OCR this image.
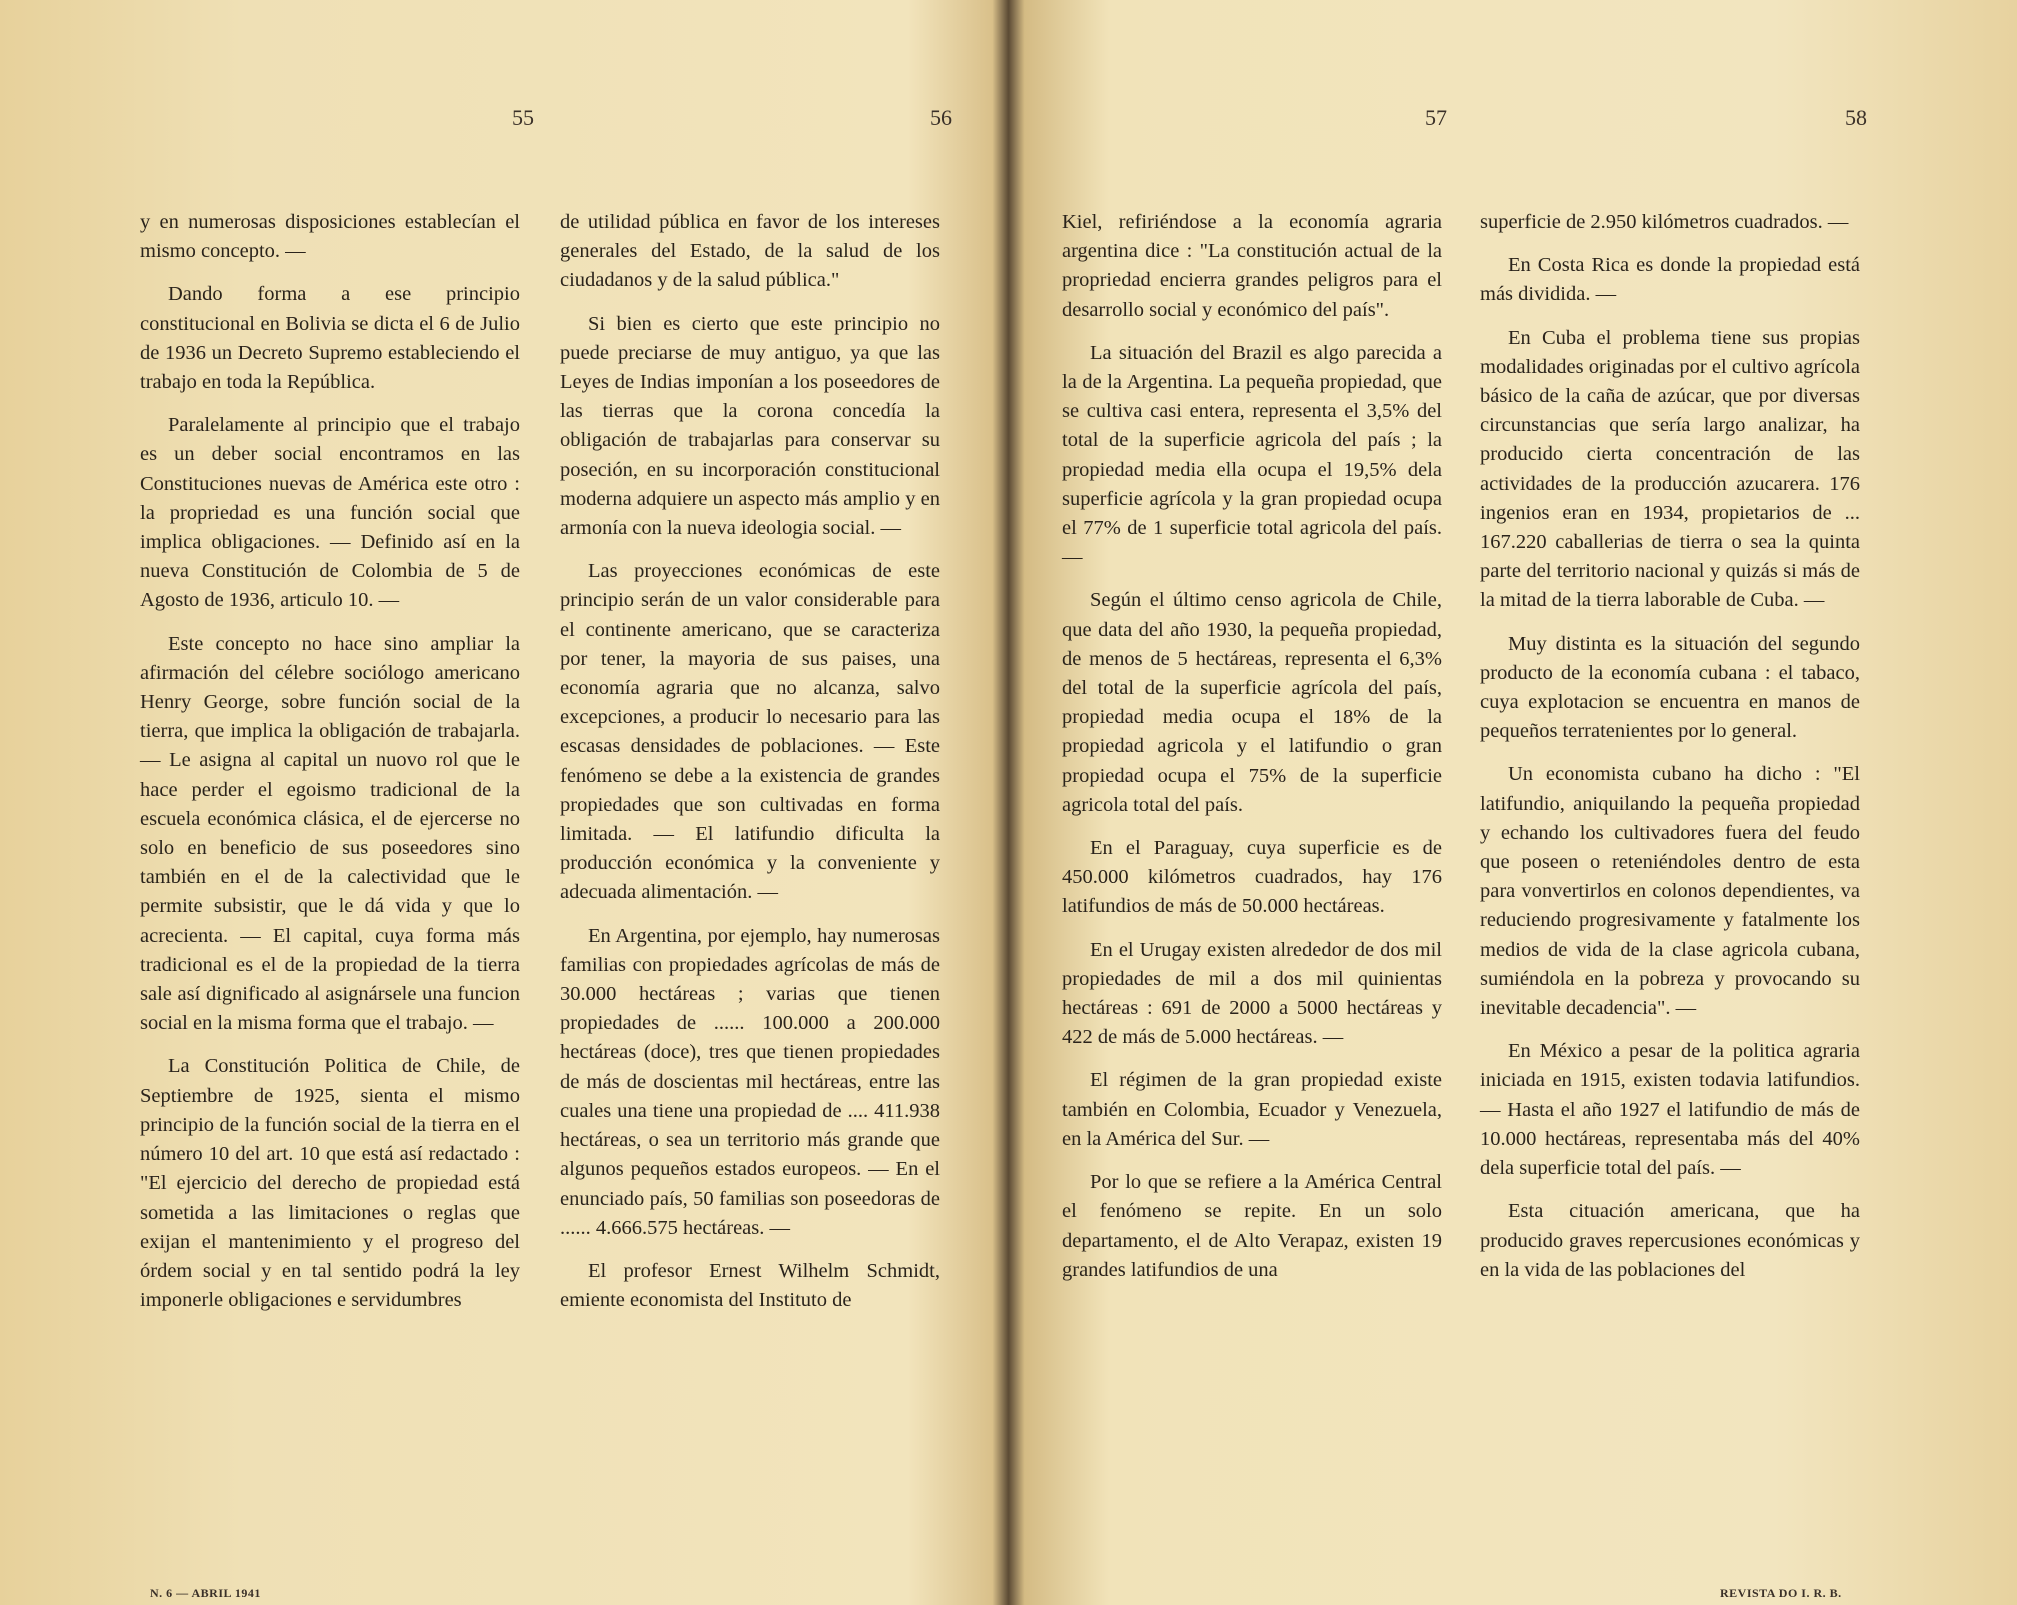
55	56	57	58

y en numerosas disposiciones establecían el mismo concepto. —

Dando forma a ese principio constitucional en Bolivia se dicta el 6 de Julio de 1936 un Decreto Supremo estableciendo el trabajo en toda la República.

Paralelamente al principio que el trabajo es un deber social encontramos en las Constituciones nuevas de América este otro : la propriedad es una función social que implica obligaciones. — Definido así en la nueva Constitución de Colombia de 5 de Agosto de 1936, articulo 10. —

Este concepto no hace sino ampliar la afirmación del célebre sociólogo americano Henry George, sobre función social de la tierra, que implica la obligación de trabajarla. — Le asigna al capital un nuovo rol que le hace perder el egoismo tradicional de la escuela económica clásica, el de ejercerse no solo en beneficio de sus poseedores sino también en el de la calectividad que le permite subsistir, que le dá vida y que lo acrecienta. — El capital, cuya forma más tradicional es el de la propiedad de la tierra sale así dignificado al asignársele una funcion social en la misma forma que el trabajo. —

La Constitución Politica de Chile, de Septiembre de 1925, sienta el mismo principio de la función social de la tierra en el número 10 del art. 10 que está así redactado : "El ejercicio del derecho de propiedad está sometida a las limitaciones o reglas que exijan el mantenimiento y el progreso del órdem social y en tal sentido podrá la ley imponerle obligaciones e servidumbres

de utilidad pública en favor de los intereses generales del Estado, de la salud de los ciudadanos y de la salud pública."

Si bien es cierto que este principio no puede preciarse de muy antiguo, ya que las Leyes de Indias imponían a los poseedores de las tierras que la corona concedía la obligación de trabajarlas para conservar su poseción, en su incorporación constitucional moderna adquiere un aspecto más amplio y en armonía con la nueva ideologia social. —

Las proyecciones económicas de este principio serán de un valor considerable para el continente americano, que se caracteriza por tener, la mayoria de sus paises, una economía agraria que no alcanza, salvo excepciones, a producir lo necesario para las escasas densidades de poblaciones. — Este fenómeno se debe a la existencia de grandes propiedades que son cultivadas en forma limitada. — El latifundio dificulta la producción económica y la conveniente y adecuada alimentación. —

En Argentina, por ejemplo, hay numerosas familias con propiedades agrícolas de más de 30.000 hectáreas ; varias que tienen propiedades de ...... 100.000 a 200.000 hectáreas (doce), tres que tienen propiedades de más de doscientas mil hectáreas, entre las cuales una tiene una propiedad de .... 411.938 hectáreas, o sea un territorio más grande que algunos pequeños estados europeos. — En el enunciado país, 50 familias son poseedoras de ...... 4.666.575 hectáreas. —

El profesor Ernest Wilhelm Schmidt, emiente economista del Instituto de

Kiel, refiriéndose a la economía agraria argentina dice : "La constitución actual de la propriedad encierra grandes peligros para el desarrollo social y económico del país".

La situación del Brazil es algo parecida a la de la Argentina. La pequeña propiedad, que se cultiva casi entera, representa el 3,5% del total de la superficie agricola del país ; la propiedad media ella ocupa el 19,5% dela superficie agrícola y la gran propiedad ocupa el 77% de 1 superficie total agricola del país. —

Según el último censo agricola de Chile, que data del año 1930, la pequeña propiedad, de menos de 5 hectáreas, representa el 6,3% del total de la superficie agrícola del país, propiedad media ocupa el 18% de la propiedad agricola y el latifundio o gran propiedad ocupa el 75% de la superficie agricola total del país.

En el Paraguay, cuya superficie es de 450.000 kilómetros cuadrados, hay 176 latifundios de más de 50.000 hectáreas.

En el Urugay existen alrededor de dos mil propiedades de mil a dos mil quinientas hectáreas : 691 de 2000 a 5000 hectáreas y 422 de más de 5.000 hectáreas. —

El régimen de la gran propiedad existe también en Colombia, Ecuador y Venezuela, en la América del Sur. —

Por lo que se refiere a la América Central el fenómeno se repite. En un solo departamento, el de Alto Verapaz, existen 19 grandes latifundios de una

superficie de 2.950 kilómetros cuadrados. —

En Costa Rica es donde la propiedad está más dividida. —

En Cuba el problema tiene sus propias modalidades originadas por el cultivo agrícola básico de la caña de azúcar, que por diversas circunstancias que sería largo analizar, ha producido cierta concentración de las actividades de la producción azucarera. 176 ingenios eran en 1934, propietarios de ... 167.220 caballerias de tierra o sea la quinta parte del territorio nacional y quizás si más de la mitad de la tierra laborable de Cuba. —

Muy distinta es la situación del segundo producto de la economía cubana : el tabaco, cuya explotacion se encuentra en manos de pequeños terratenientes por lo general.

Un economista cubano ha dicho : "El latifundio, aniquilando la pequeña propiedad y echando los cultivadores fuera del feudo que poseen o reteniéndoles dentro de esta para vonvertirlos en colonos dependientes, va reduciendo progresivamente y fatalmente los medios de vida de la clase agricola cubana, sumiéndola en la pobreza y provocando su inevitable decadencia". —

En México a pesar de la politica agraria iniciada en 1915, existen todavia latifundios. — Hasta el año 1927 el latifundio de más de 10.000 hectáreas, representaba más del 40% dela superficie total del país. —

Esta cituación americana, que ha producido graves repercusiones económicas y en la vida de las poblaciones del

N. 6 — ABRIL 1941	REVISTA DO I. R. B.
